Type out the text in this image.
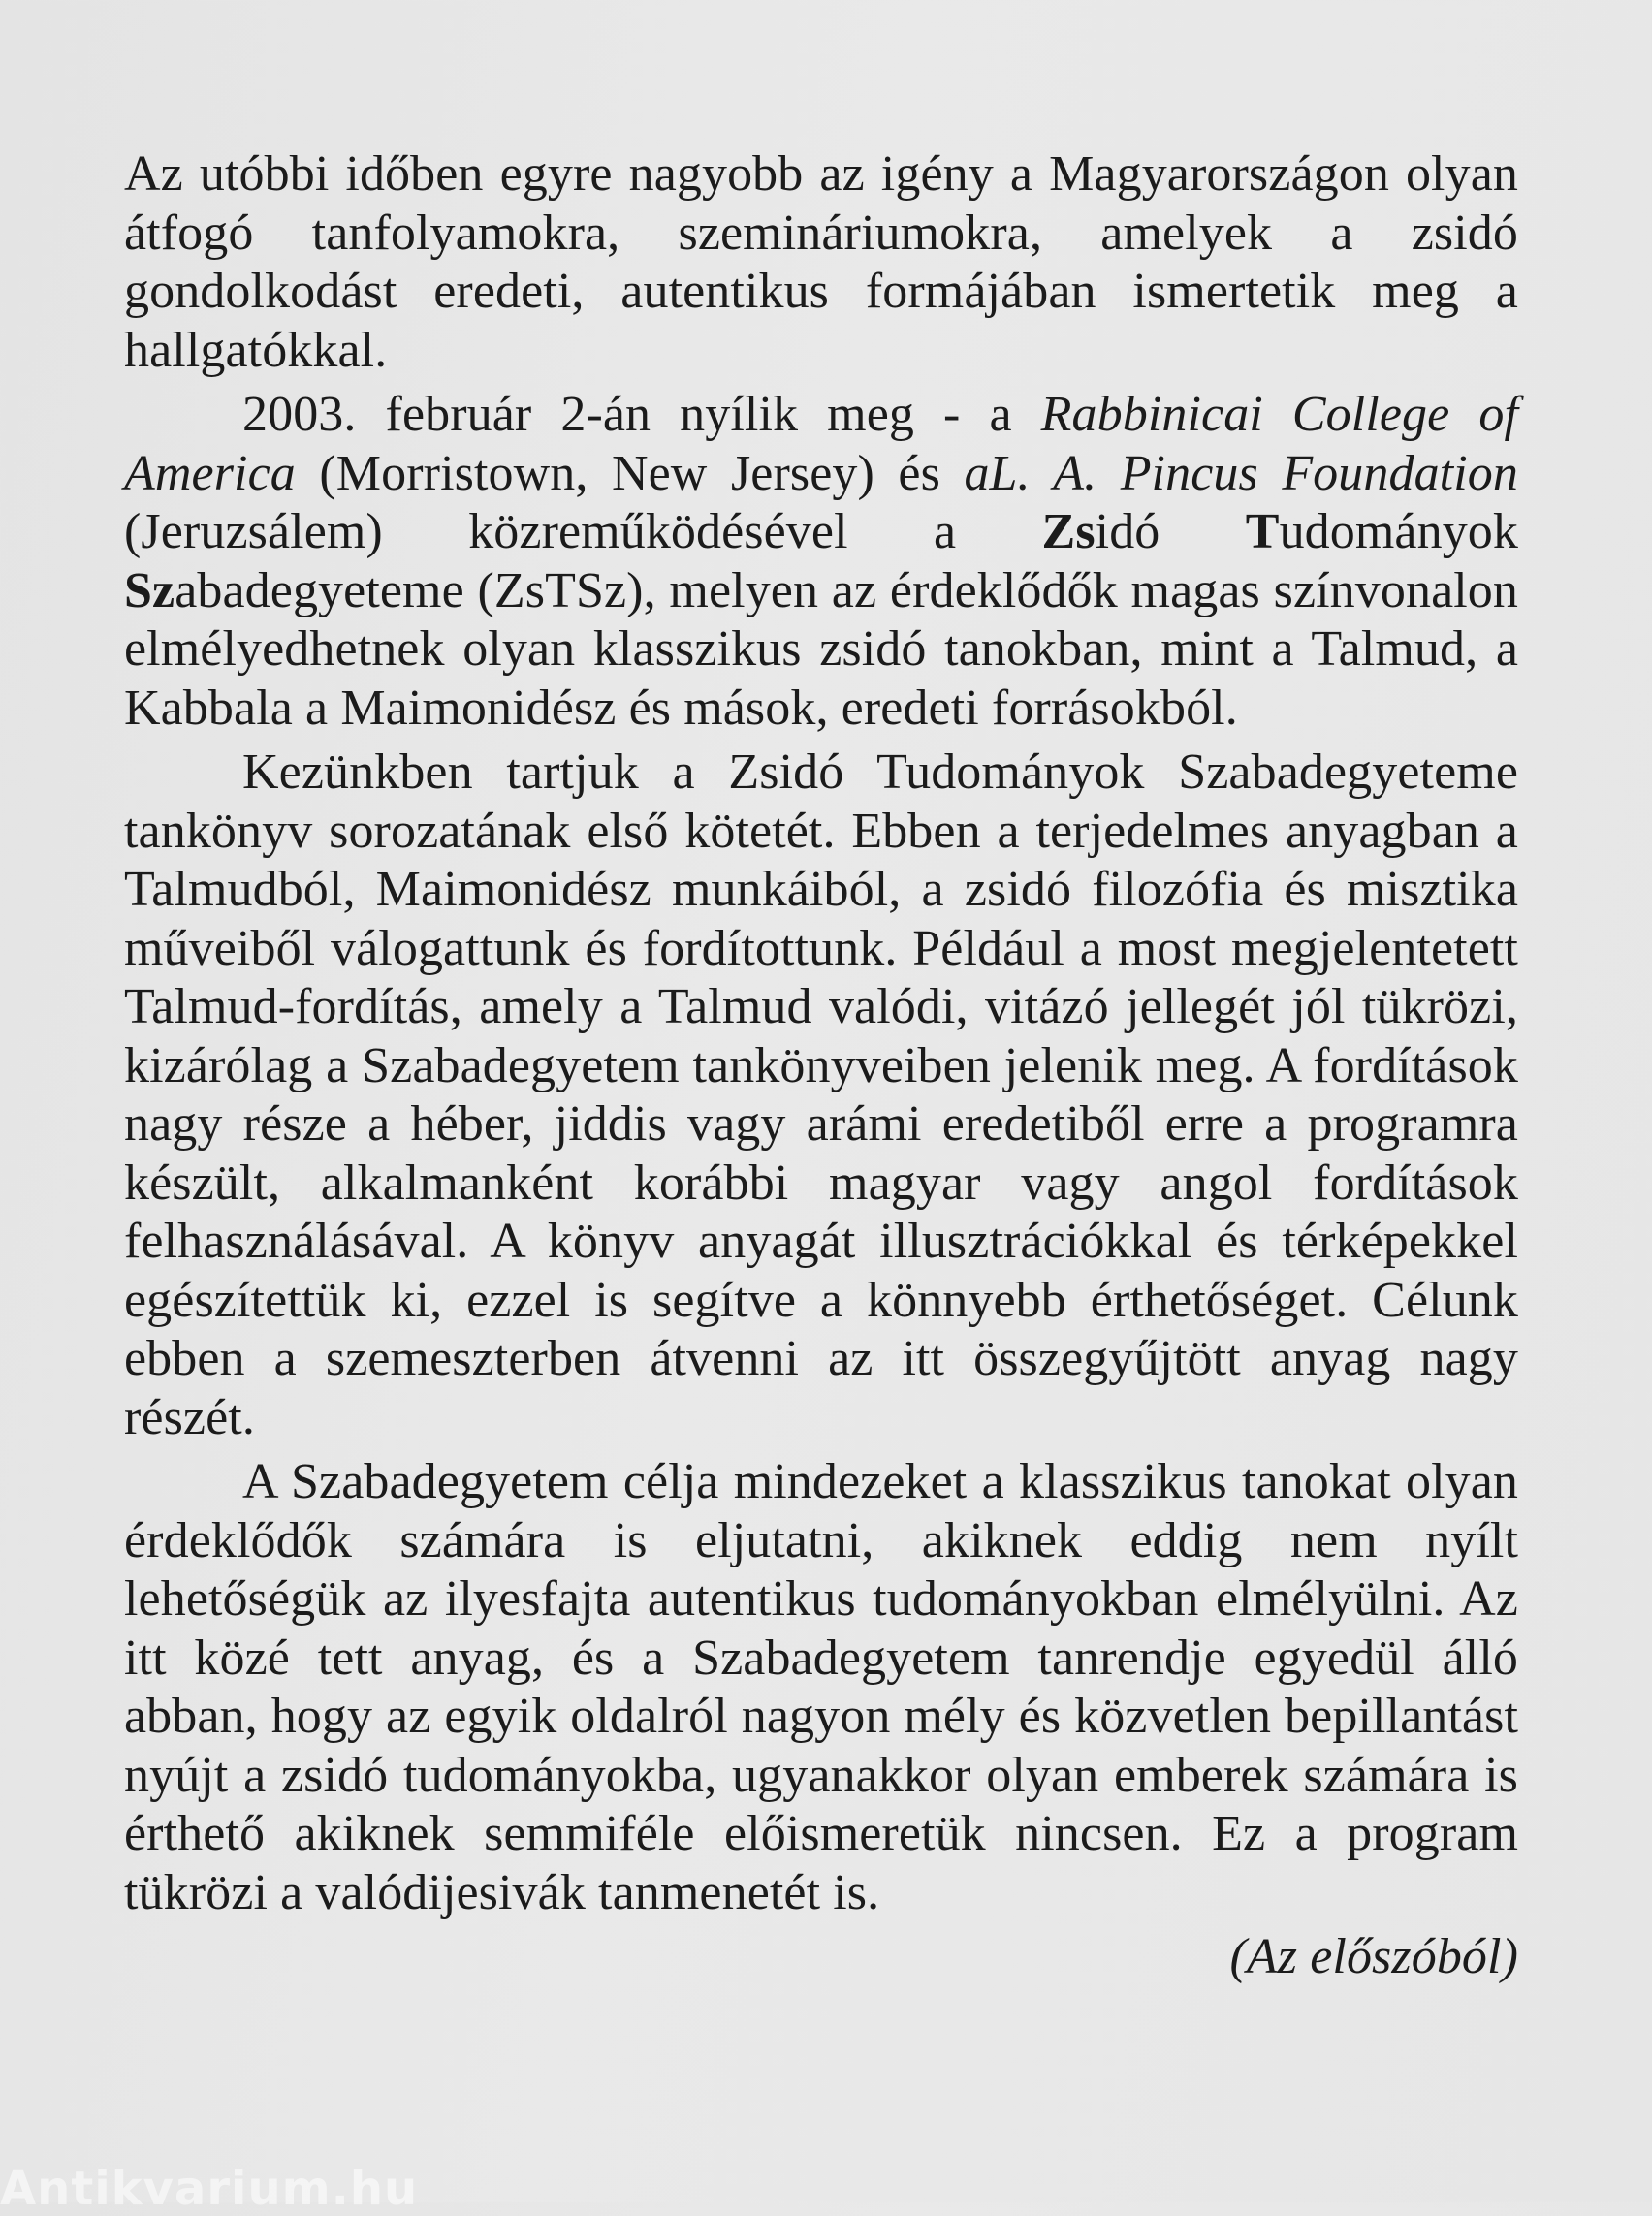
Az utóbbi időben egyre nagyobb az igény a Magyarországon olyan átfogó tanfolyamokra, szemináriumokra, amelyek a zsidó gondolkodást eredeti, autentikus formájában ismertetik meg a hallgatókkal.

2003. február 2-án nyílik meg - a Rabbinicai College of America (Morristown, New Jersey) és aL. A. Pincus Foundation (Jeruzsálem) közreműködésével a Zsidó Tudományok Szabadegyeteme (ZsTSz), melyen az érdeklődők magas színvonalon elmélyedhetnek olyan klasszikus zsidó tanokban, mint a Talmud, a Kabbala a Maimonidész és mások, eredeti forrásokból.

Kezünkben tartjuk a Zsidó Tudományok Szabadegyeteme tankönyv sorozatának első kötetét. Ebben a terjedelmes anyagban a Talmudból, Maimonidész munkáiból, a zsidó filozófia és misztika műveiből válogattunk és fordítottunk. Például a most megjelentetett Talmud-fordítás, amely a Talmud valódi, vitázó jellegét jól tükrözi, kizárólag a Szabadegyetem tankönyveiben jelenik meg. A fordítások nagy része a héber, jiddis vagy arámi eredetiből erre a programra készült, alkalmanként korábbi magyar vagy angol fordítások felhasználásával. A könyv anyagát illusztrációkkal és térképekkel egészítettük ki, ezzel is segítve a könnyebb érthetőséget. Célunk ebben a szemeszterben átvenni az itt összegyűjtött anyag nagy részét.

A Szabadegyetem célja mindezeket a klasszikus tanokat olyan érdeklődők számára is eljutatni, akiknek eddig nem nyílt lehetőségük az ilyesfajta autentikus tudományokban elmélyülni. Az itt közé tett anyag, és a Szabadegyetem tanrendje egyedül álló abban, hogy az egyik oldalról nagyon mély és közvetlen bepillantást nyújt a zsidó tudományokba, ugyanakkor olyan emberek számára is érthető akiknek semmiféle előismeretük nincsen. Ez a program tükrözi a valódijesivák tanmenetét is.

(Az előszóból)
Antikvarium.hu
